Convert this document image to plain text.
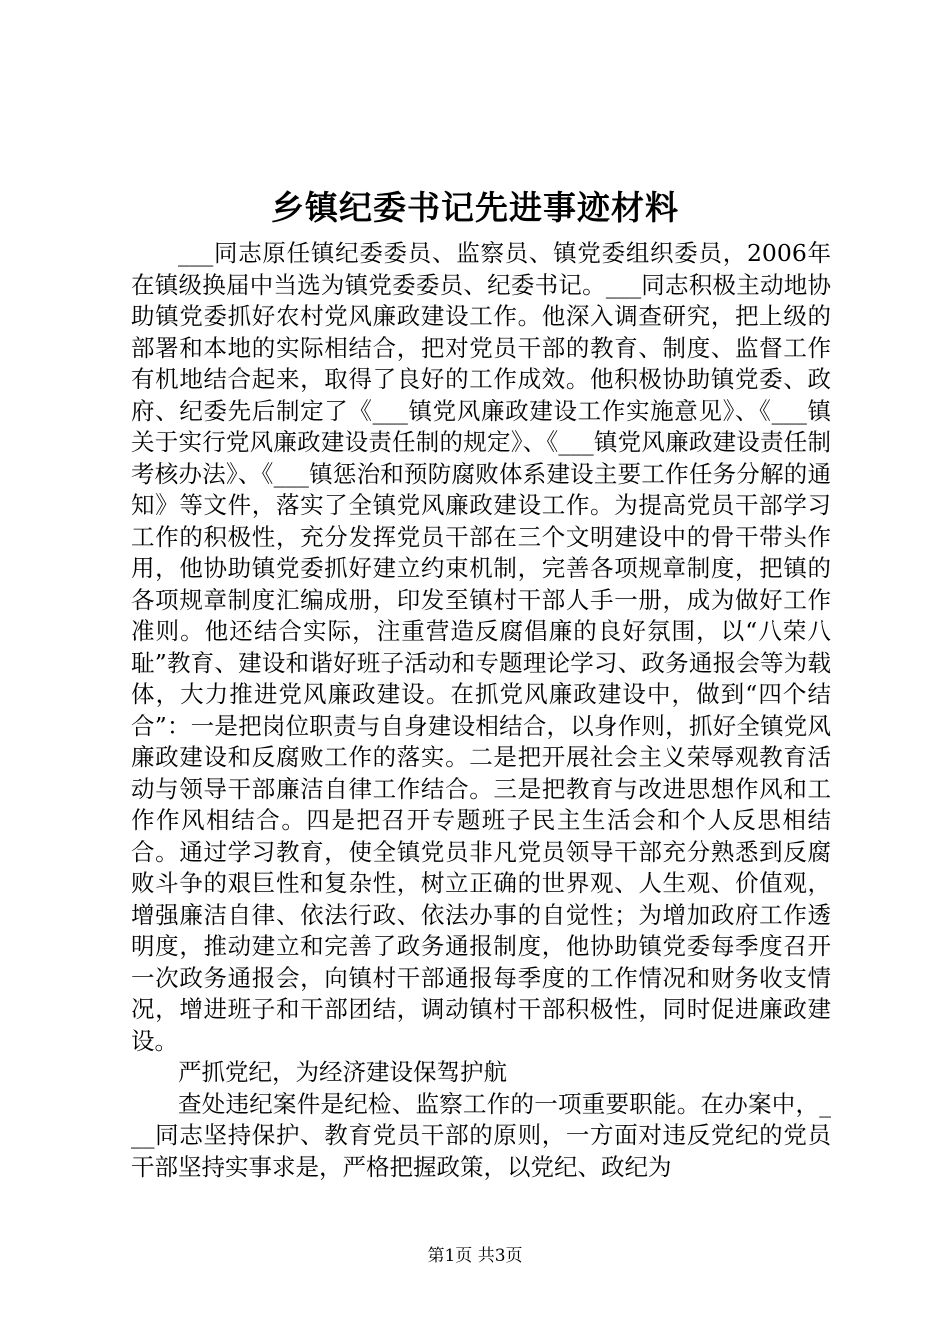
乡镇纪委书记先进事迹材料

___同志原任镇纪委委员、监察员、镇党委组织委员，2006年在镇级换届中当选为镇党委委员、纪委书记。___同志积极主动地协助镇党委抓好农村党风廉政建设工作。他深入调查研究，把上级的部署和本地的实际相结合，把对党员干部的教育、制度、监督工作有机地结合起来，取得了良好的工作成效。他积极协助镇党委、政府、纪委先后制定了《___镇党风廉政建设工作实施意见》、《___镇关于实行党风廉政建设责任制的规定》、《___镇党风廉政建设责任制考核办法》、《___镇惩治和预防腐败体系建设主要工作任务分解的通知》等文件，落实了全镇党风廉政建设工作。为提高党员干部学习工作的积极性，充分发挥党员干部在三个文明建设中的骨干带头作用，他协助镇党委抓好建立约束机制，完善各项规章制度，把镇的各项规章制度汇编成册，印发至镇村干部人手一册，成为做好工作准则。他还结合实际，注重营造反腐倡廉的良好氛围，以“八荣八耻”教育、建设和谐好班子活动和专题理论学习、政务通报会等为载体，大力推进党风廉政建设。在抓党风廉政建设中，做到“四个结合”：一是把岗位职责与自身建设相结合，以身作则，抓好全镇党风廉政建设和反腐败工作的落实。二是把开展社会主义荣辱观教育活动与领导干部廉洁自律工作结合。三是把教育与改进思想作风和工作作风相结合。四是把召开专题班子民主生活会和个人反思相结合。通过学习教育，使全镇党员非凡党员领导干部充分熟悉到反腐败斗争的艰巨性和复杂性，树立正确的世界观、人生观、价值观，增强廉洁自律、依法行政、依法办事的自觉性；为增加政府工作透明度，推动建立和完善了政务通报制度，他协助镇党委每季度召开一次政务通报会，向镇村干部通报每季度的工作情况和财务收支情况，增进班子和干部团结，调动镇村干部积极性，同时促进廉政建设。

严抓党纪，为经济建设保驾护航

查处违纪案件是纪检、监察工作的一项重要职能。在办案中，___同志坚持保护、教育党员干部的原则，一方面对违反党纪的党员干部坚持实事求是，严格把握政策，以党纪、政纪为

第1页 共3页
